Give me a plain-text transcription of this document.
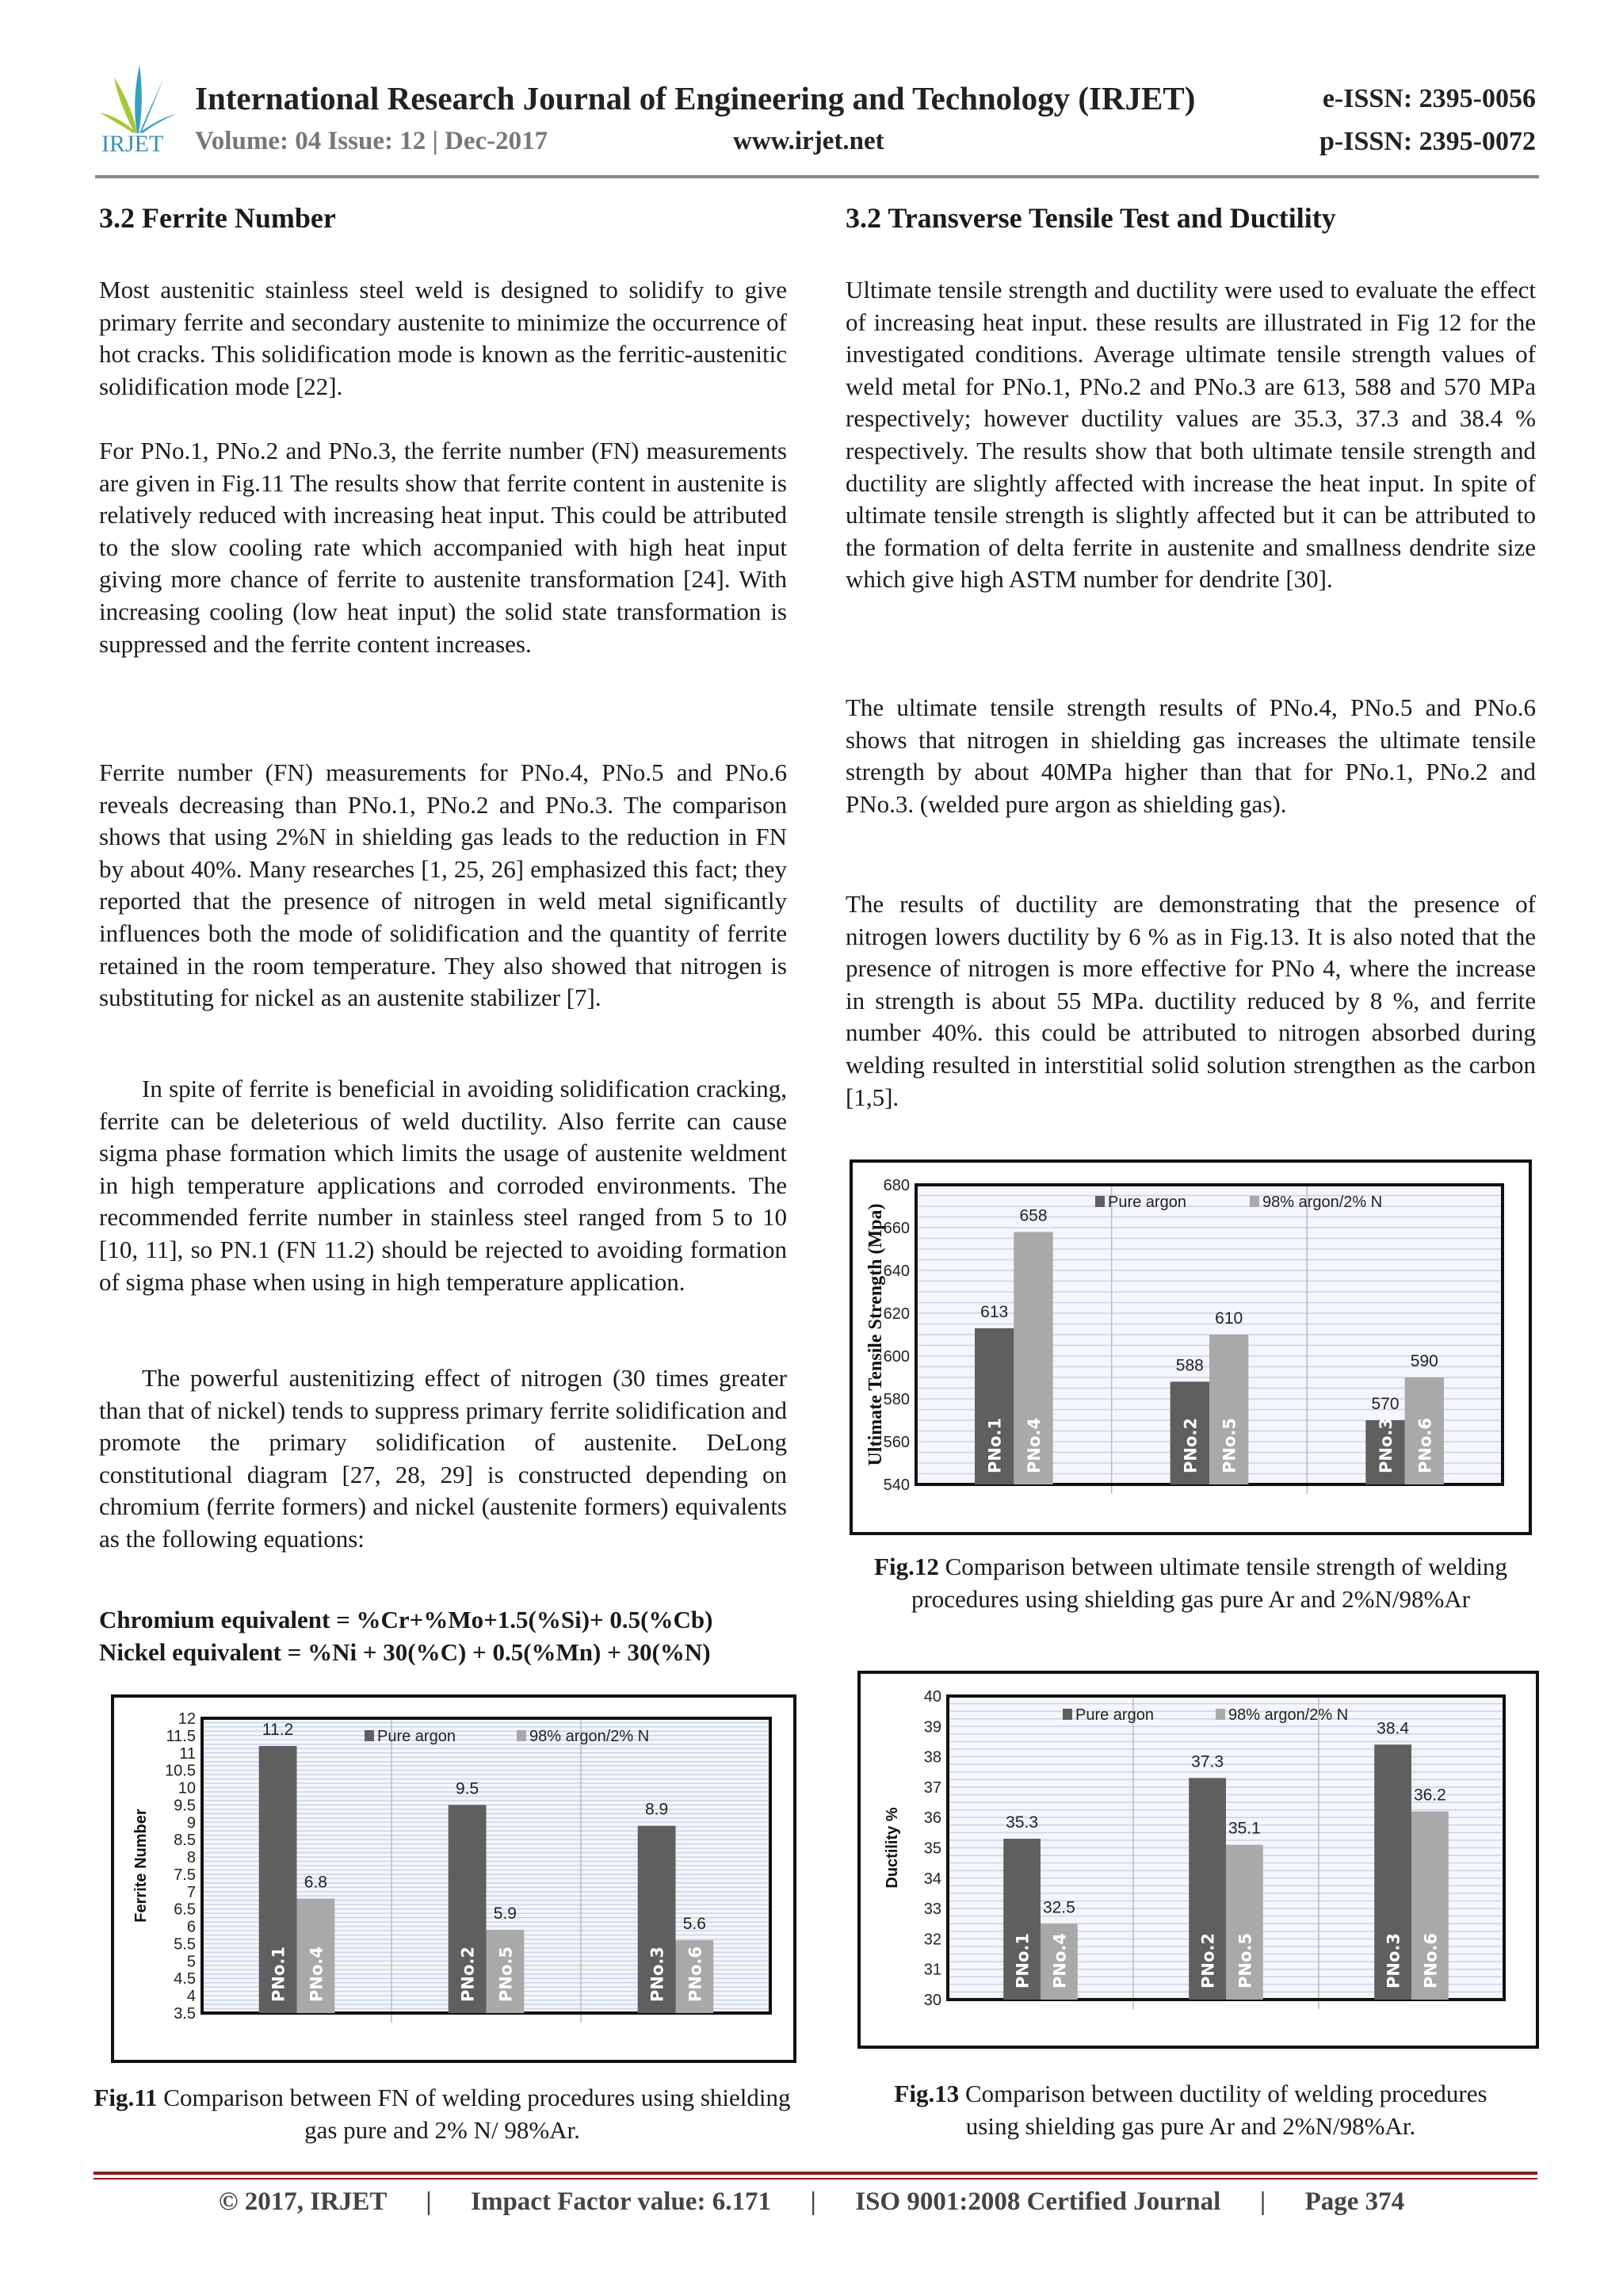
IRJET
International Research Journal of Engineering and Technology (IRJET)	e-ISSN: 2395-0056
Volume: 04 Issue: 12 | Dec-2017	www.irjet.net	p-ISSN: 2395-0072
3.2 Ferrite Number

Most austenitic stainless steel weld is designed to solidify to give primary ferrite and secondary austenite to minimize the occurrence of hot cracks. This solidification mode is known as the ferritic-austenitic solidification mode [22].

For PNo.1, PNo.2 and PNo.3, the ferrite number (FN) measurements are given in Fig.11 The results show that ferrite content in austenite is relatively reduced with increasing heat input. This could be attributed to the slow cooling rate which accompanied with high heat input giving more chance of ferrite to austenite transformation [24]. With increasing cooling (low heat input) the solid state transformation is suppressed and the ferrite content increases.

Ferrite number (FN) measurements for PNo.4, PNo.5 and PNo.6 reveals decreasing than PNo.1, PNo.2 and PNo.3. The comparison shows that using 2%N in shielding gas leads to the reduction in FN by about 40%. Many researches [1, 25, 26] emphasized this fact; they reported that the presence of nitrogen in weld metal significantly influences both the mode of solidification and the quantity of ferrite retained in the room temperature. They also showed that nitrogen is substituting for nickel as an austenite stabilizer [7].

In spite of ferrite is beneficial in avoiding solidification cracking, ferrite can be deleterious of weld ductility. Also ferrite can cause sigma phase formation which limits the usage of austenite weldment in high temperature applications and corroded environments. The recommended ferrite number in stainless steel ranged from 5 to 10 [10, 11], so PN.1 (FN 11.2) should be rejected to avoiding formation of sigma phase when using in high temperature application.

The powerful austenitizing effect of nitrogen (30 times greater than that of nickel) tends to suppress primary ferrite solidification and promote the primary solidification of austenite. DeLong constitutional diagram [27, 28, 29] is constructed depending on chromium (ferrite formers) and nickel (austenite formers) equivalents as the following equations:

Chromium equivalent = %Cr+%Mo+1.5(%Si)+ 0.5(%Cb)
Nickel equivalent = %Ni + 30(%C) + 0.5(%Mn) + 30(%N)
3.5
4
4.5
5
5.5
6
6.5
7
7.5
8
8.5
9
9.5
10
10.5
11
11.5
12
Ferrite Number
11.2
PNo.1
9.5
PNo.2
8.9
PNo.3
Pure argon
6.8
PNo.4
5.9
PNo.5
5.6
PNo.6
98% argon/2% N
Fig.11 Comparison between FN of welding procedures using shielding gas pure and 2% N/ 98%Ar.
3.2 Transverse Tensile Test and Ductility

Ultimate tensile strength and ductility were used to evaluate the effect of increasing heat input. these results are illustrated in Fig 12 for the investigated conditions. Average ultimate tensile strength values of weld metal for PNo.1, PNo.2 and PNo.3 are 613, 588 and 570 MPa respectively; however ductility values are 35.3, 37.3 and 38.4 % respectively. The results show that both ultimate tensile strength and ductility are slightly affected with increase the heat input. In spite of ultimate tensile strength is slightly affected but it can be attributed to the formation of delta ferrite in austenite and smallness dendrite size which give high ASTM number for dendrite [30].

The ultimate tensile strength results of PNo.4, PNo.5 and PNo.6 shows that nitrogen in shielding gas increases the ultimate tensile strength by about 40MPa higher than that for PNo.1, PNo.2 and PNo.3. (welded pure argon as shielding gas).

The results of ductility are demonstrating that the presence of nitrogen lowers ductility by 6 % as in Fig.13. It is also noted that the presence of nitrogen is more effective for PNo 4, where the increase in strength is about 55 MPa. ductility reduced by 8 %, and ferrite number 40%. this could be attributed to nitrogen absorbed during welding resulted in interstitial solid solution strengthen as the carbon [1,5].

540
560
580
600
620
640
660
680
Ultimate Tensile Strength (Mpa)	613
PNo.1
588
PNo.2
570
PNo.3
Pure argon
658
PNo.4
610
PNo.5
590
PNo.6
98% argon/2% N
Fig.12 Comparison between ultimate tensile strength of welding procedures using shielding gas pure Ar and 2%N/98%Ar
30
31
32
33
34
35
36
37
38
39
40
Ductility %	35.3
PNo.1
37.3
PNo.2
38.4
PNo.3
Pure argon
32.5
PNo.4
35.1
PNo.5
36.2
PNo.6
98% argon/2% N
Fig.13 Comparison between ductility of welding procedures using shielding gas pure Ar and 2%N/98%Ar.
© 2017, IRJET | Impact Factor value: 6.171 | ISO 9001:2008 Certified Journal | Page 374
